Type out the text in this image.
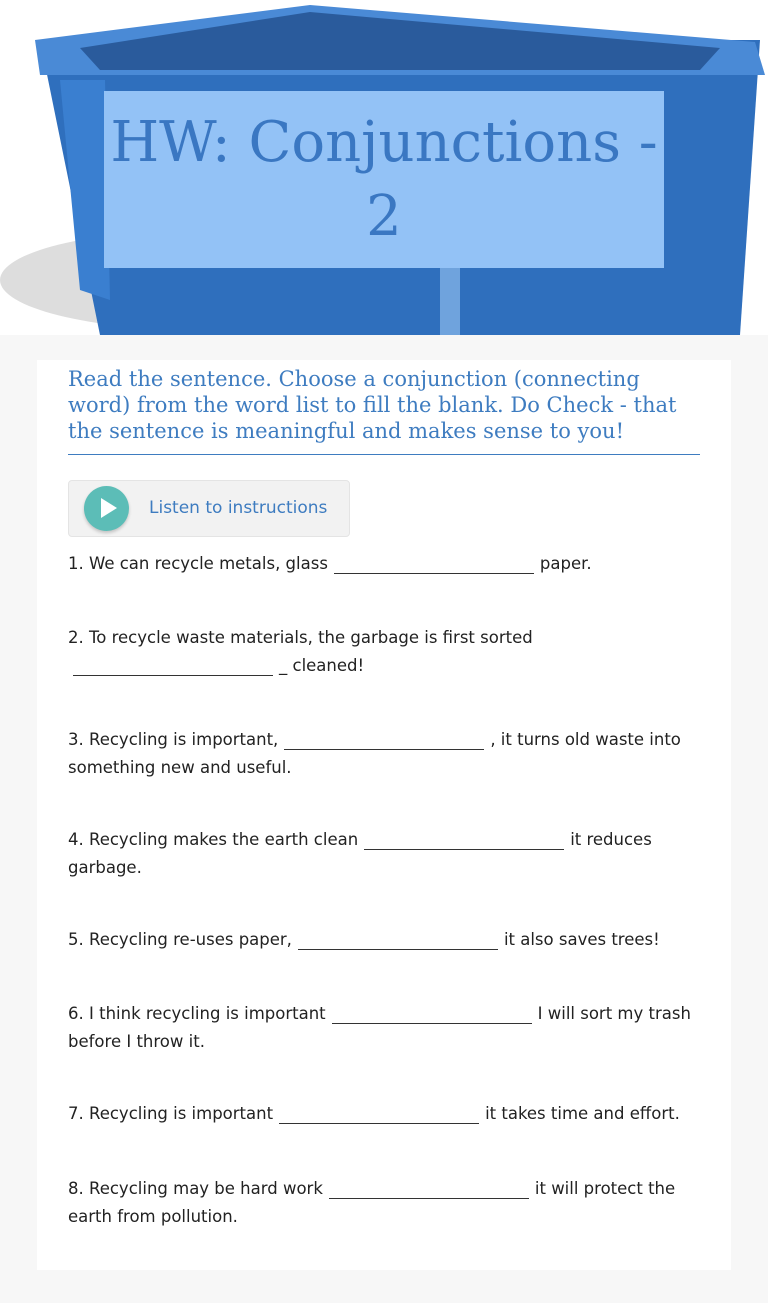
HW: Conjunctions - 2
Read the sentence. Choose a conjunction (connecting word) from the word list to fill the blank. Do Check - that the sentence is meaningful and makes sense to you!
Listen to instructions
1. We can recycle metals, glass	paper.
2. To recycle waste materials, the garbage is first sorted
_ cleaned!
3. Recycling is important,	, it turns old waste into something new and useful.
4. Recycling makes the earth clean	it reduces garbage.
5. Recycling re-uses paper,	it also saves trees!
6. I think recycling is important	I will sort my trash before I throw it.
7. Recycling is important	it takes time and effort.
8. Recycling may be hard work	it will protect the earth from pollution.
